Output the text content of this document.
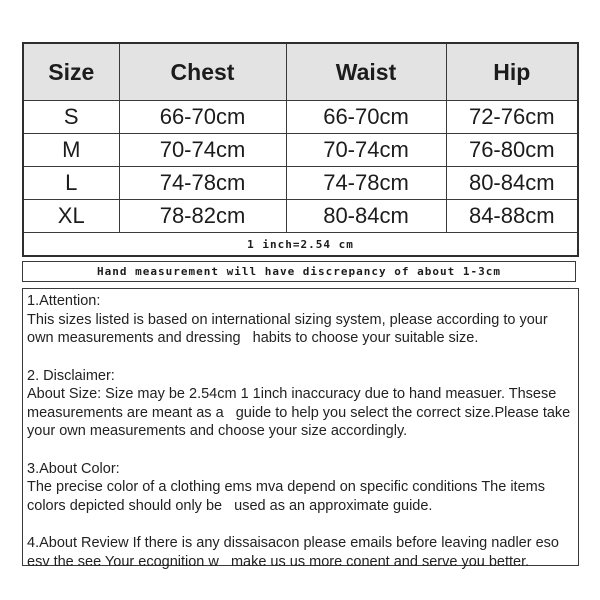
Size	Chest	Waist	Hip
S	66-70cm	66-70cm	72-76cm
M	70-74cm	70-74cm	76-80cm
L	74-78cm	74-78cm	80-84cm
XL	78-82cm	80-84cm	84-88cm
1 inch=2.54 cm			
Hand measurement will have discrepancy of about 1-3cm
1.Attention:
This sizes listed is based on international sizing system, please according to your own measurements and dressing   habits to choose your suitable size.
2. Disclaimer:
About Size: Size may be 2.54cm 1 1inch inaccuracy due to hand measuer. Thsese measurements are meant as a   guide to help you select the correct size.Please take your own measurements and choose your size accordingly.
3.About Color:
The precise color of a clothing ems mva depend on specific conditions The items colors depicted should only be   used as an approximate guide.
4.About Review If there is any dissaisacon please emails before leaving nadler eso esv the see Your ecognition w   make us us more conent and serve you better.
